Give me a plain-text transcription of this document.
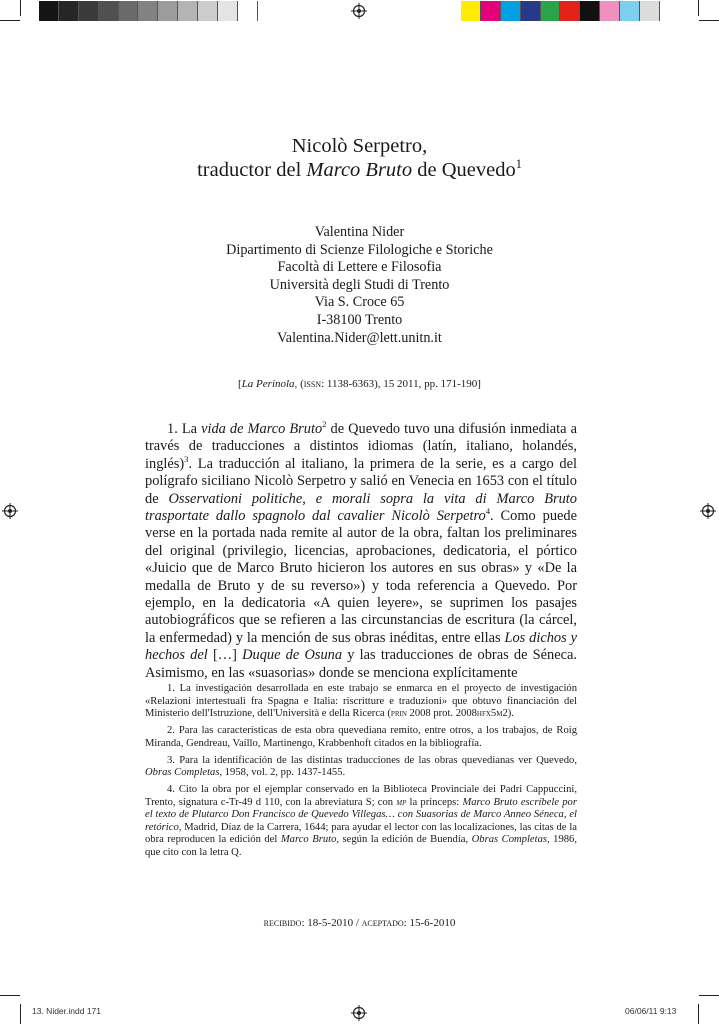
Nicolò Serpetro,
traductor del Marco Bruto de Quevedo$^1$
Valentina Nider
Dipartimento di Scienze Filologiche e Storiche
Facoltà di Lettere e Filosofia
Università degli Studi di Trento
Via S. Croce 65
I-38100 Trento
Valentina.Nider@lett.unitn.it
[La Perinola, (issn: 1138-6363), 15 2011, pp. 171-190]
1. La vida de Marco Bruto$^2$ de Quevedo tuvo una difusión inmediata a través de traducciones a distintos idiomas (latín, italiano, holandés, inglés)$^3$. La traducción al italiano, la primera de la serie, es a cargo del polígrafo siciliano Nicolò Serpetro y salió en Venecia en 1653 con el título de Osservationi politiche, e morali sopra la vita di Marco Bruto trasportate dallo spagnolo dal cavalier Nicolò Serpetro$^4$. Como puede verse en la portada nada remite al autor de la obra, faltan los preliminares del original (privilegio, licencias, aprobaciones, dedicatoria, el pórtico «Juicio que de Marco Bruto hicieron los autores en sus obras» y «De la medalla de Bruto y de su reverso») y toda referencia a Quevedo. Por ejemplo, en la dedicatoria «A quien leyere», se suprimen los pasajes autobiográficos que se refieren a las circunstancias de escritura (la cárcel, la enfermedad) y la mención de sus obras inéditas, entre ellas Los dichos y hechos del […] Duque de Osuna y las traducciones de obras de Séneca. Asimismo, en las «suasorias» donde se menciona explícitamente

1. La investigación desarrollada en este trabajo se enmarca en el proyecto de investigación «Relazioni intertestuali fra Spagna e Italia: riscritture e traduzioni» que obtuvo financiación del Ministerio dell'Istruzione, dell'Università e della Ricerca (prin 2008 prot. 2008hfx5m2).

2. Para las características de esta obra quevediana remito, entre otros, a los trabajos, de Roig Miranda, Gendreau, Vaíllo, Martinengo, Krabbenhoft citados en la bibliografía.

3. Para la identificación de las distintas traducciones de las obras quevedianas ver Quevedo, Obras Completas, 1958, vol. 2, pp. 1437-1455.

4. Cito la obra por el ejemplar conservado en la Biblioteca Provinciale dei Padri Cappuccini, Trento, signatura c-Tr-49 d 110, con la abreviatura S; con mp la princeps: Marco Bruto escríbele por el texto de Plutarco Don Francisco de Quevedo Villegas… con Suasorias de Marco Anneo Séneca, el retórico, Madrid, Díaz de la Carrera, 1644; para ayudar el lector con las localizaciones, las citas de la obra reproducen la edición del Marco Bruto, según la edición de Buendía, Obras Completas, 1986, que cito con la letra Q.

recibido: 18-5-2010 / aceptado: 15-6-2010
13. Nider.indd 171	06/06/11 9:13
